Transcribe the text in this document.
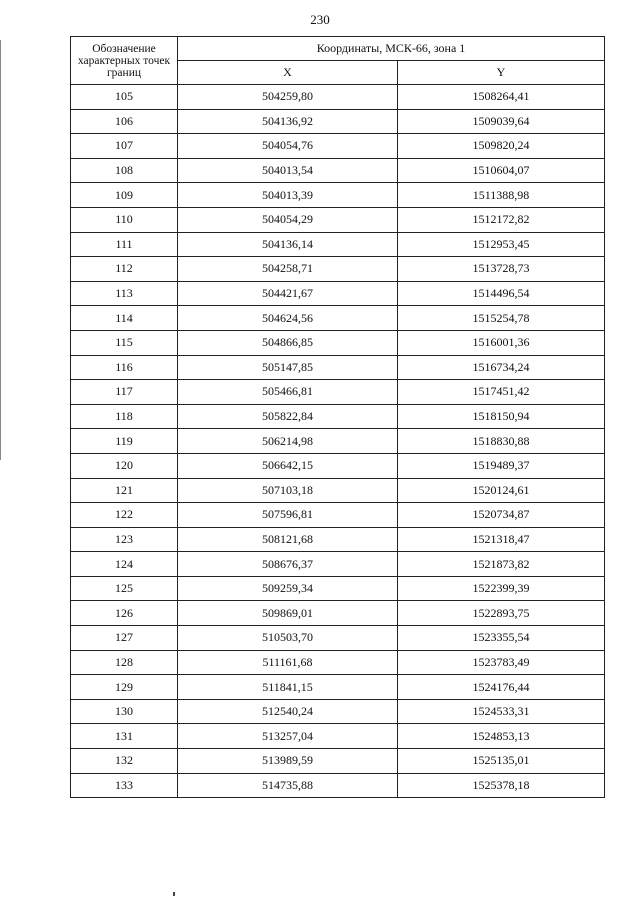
230
Обозначение характерных точек границ	Координаты, МСК-66, зона 1	
	X	Y
105	504259,80	1508264,41
106	504136,92	1509039,64
107	504054,76	1509820,24
108	504013,54	1510604,07
109	504013,39	1511388,98
110	504054,29	1512172,82
111	504136,14	1512953,45
112	504258,71	1513728,73
113	504421,67	1514496,54
114	504624,56	1515254,78
115	504866,85	1516001,36
116	505147,85	1516734,24
117	505466,81	1517451,42
118	505822,84	1518150,94
119	506214,98	1518830,88
120	506642,15	1519489,37
121	507103,18	1520124,61
122	507596,81	1520734,87
123	508121,68	1521318,47
124	508676,37	1521873,82
125	509259,34	1522399,39
126	509869,01	1522893,75
127	510503,70	1523355,54
128	511161,68	1523783,49
129	511841,15	1524176,44
130	512540,24	1524533,31
131	513257,04	1524853,13
132	513989,59	1525135,01
133	514735,88	1525378,18
